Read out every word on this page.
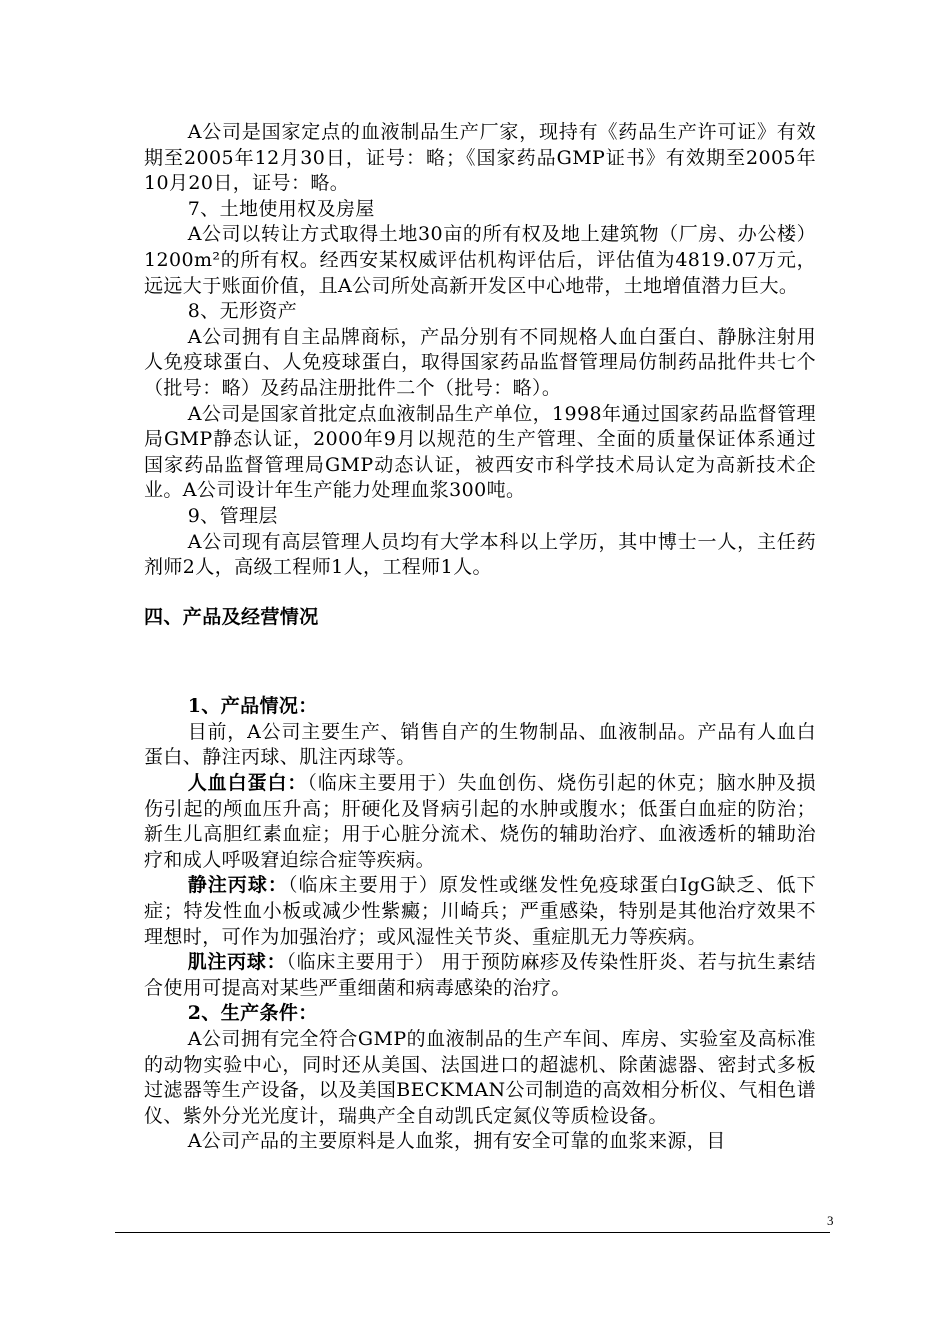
A公司是国家定点的血液制品生产厂家，现持有《药品生产许可证》有效期至2005年12月30日，证号：略；《国家药品GMP证书》有效期至2005年10月20日，证号：略。

7、土地使用权及房屋

A公司以转让方式取得土地30亩的所有权及地上建筑物（厂房、办公楼）1200m²的所有权。经西安某权威评估机构评估后，评估值为4819.07万元，远远大于账面价值，且A公司所处高新开发区中心地带，土地增值潜力巨大。

8、无形资产

A公司拥有自主品牌商标，产品分别有不同规格人血白蛋白、静脉注射用人免疫球蛋白、人免疫球蛋白，取得国家药品监督管理局仿制药品批件共七个（批号：略）及药品注册批件二个（批号：略）。

A公司是国家首批定点血液制品生产单位，1998年通过国家药品监督管理局GMP静态认证，2000年9月以规范的生产管理、全面的质量保证体系通过国家药品监督管理局GMP动态认证，被西安市科学技术局认定为高新技术企业。A公司设计年生产能力处理血浆300吨。

9、管理层

A公司现有高层管理人员均有大学本科以上学历，其中博士一人，主任药剂师2人，高级工程师1人，工程师1人。

四、产品及经营情况

1、产品情况：

目前，A公司主要生产、销售自产的生物制品、血液制品。产品有人血白蛋白、静注丙球、肌注丙球等。

人血白蛋白：（临床主要用于）失血创伤、烧伤引起的休克；脑水肿及损伤引起的颅血压升高；肝硬化及肾病引起的水肿或腹水；低蛋白血症的防治；新生儿高胆红素血症；用于心脏分流术、烧伤的辅助治疗、血液透析的辅助治疗和成人呼吸窘迫综合症等疾病。

静注丙球：（临床主要用于）原发性或继发性免疫球蛋白IgG缺乏、低下症；特发性血小板或减少性紫癜；川崎兵；严重感染，特别是其他治疗效果不理想时，可作为加强治疗；或风湿性关节炎、重症肌无力等疾病。

肌注丙球：（临床主要用于） 用于预防麻疹及传染性肝炎、若与抗生素结合使用可提高对某些严重细菌和病毒感染的治疗。

2、生产条件：

A公司拥有完全符合GMP的血液制品的生产车间、库房、实验室及高标准的动物实验中心，同时还从美国、法国进口的超滤机、除菌滤器、密封式多板过滤器等生产设备，以及美国BECKMAN公司制造的高效相分析仪、气相色谱仪、紫外分光光度计，瑞典产全自动凯氏定氮仪等质检设备。

A公司产品的主要原料是人血浆，拥有安全可靠的血浆来源，目

3
